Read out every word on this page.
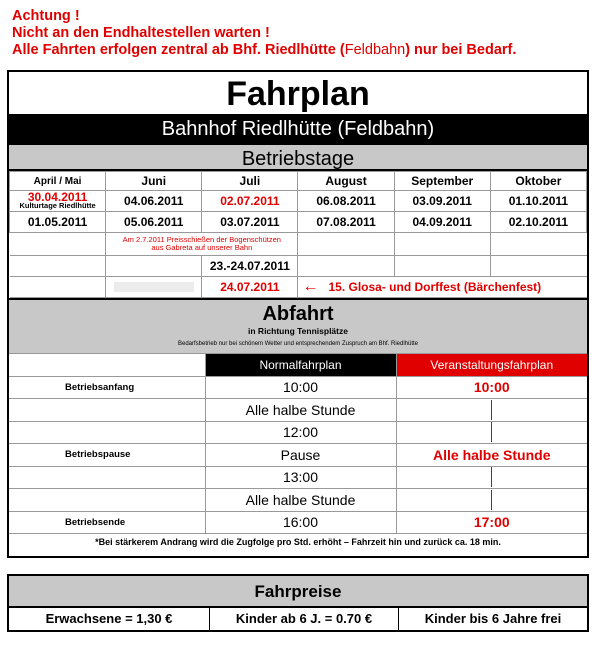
Achtung !
Nicht an den Endhaltestellen warten !
Alle Fahrten erfolgen zentral ab Bhf. Riedlhütte (Feldbahn) nur bei Bedarf.
Fahrplan
Bahnhof Riedlhütte (Feldbahn)
Betriebstage
April / Mai	Juni	Juli	August	September	Oktober

30.04.2011
Kulturtage Riedlhütte	04.06.2011	02.07.2011	06.08.2011	03.09.2011	01.10.2011
01.05.2011	05.06.2011	03.07.2011	07.08.2011	04.09.2011	02.10.2011

	Am 2.7.2011 Preisschießen der Bogenschützen
aus Gabreta auf unserer Bahn				

		23.-24.07.2011			

	24.07.2011	← 15. Glosa- und Dorffest (Bärchenfest)		
Abfahrt
in Richtung Tennisplätze
Bedarfsbetrieb nur bei schönem Wetter und entsprechendem Zuspruch am Bhf. Riedlhütte
	Normalfahrplan	Veranstaltungsfahrplan
Betriebsanfang	10:00	10:00
	Alle halbe Stunde	
	12:00	
Betriebspause	Pause	Alle halbe Stunde
	13:00	
	Alle halbe Stunde	
Betriebsende	16:00	17:00
*Bei stärkerem Andrang wird die Zugfolge pro Std. erhöht – Fahrzeit hin und zurück ca. 18 min.
Fahrpreise
Erwachsene = 1,30 €	Kinder ab 6 J. = 0.70 €	Kinder bis 6 Jahre frei
